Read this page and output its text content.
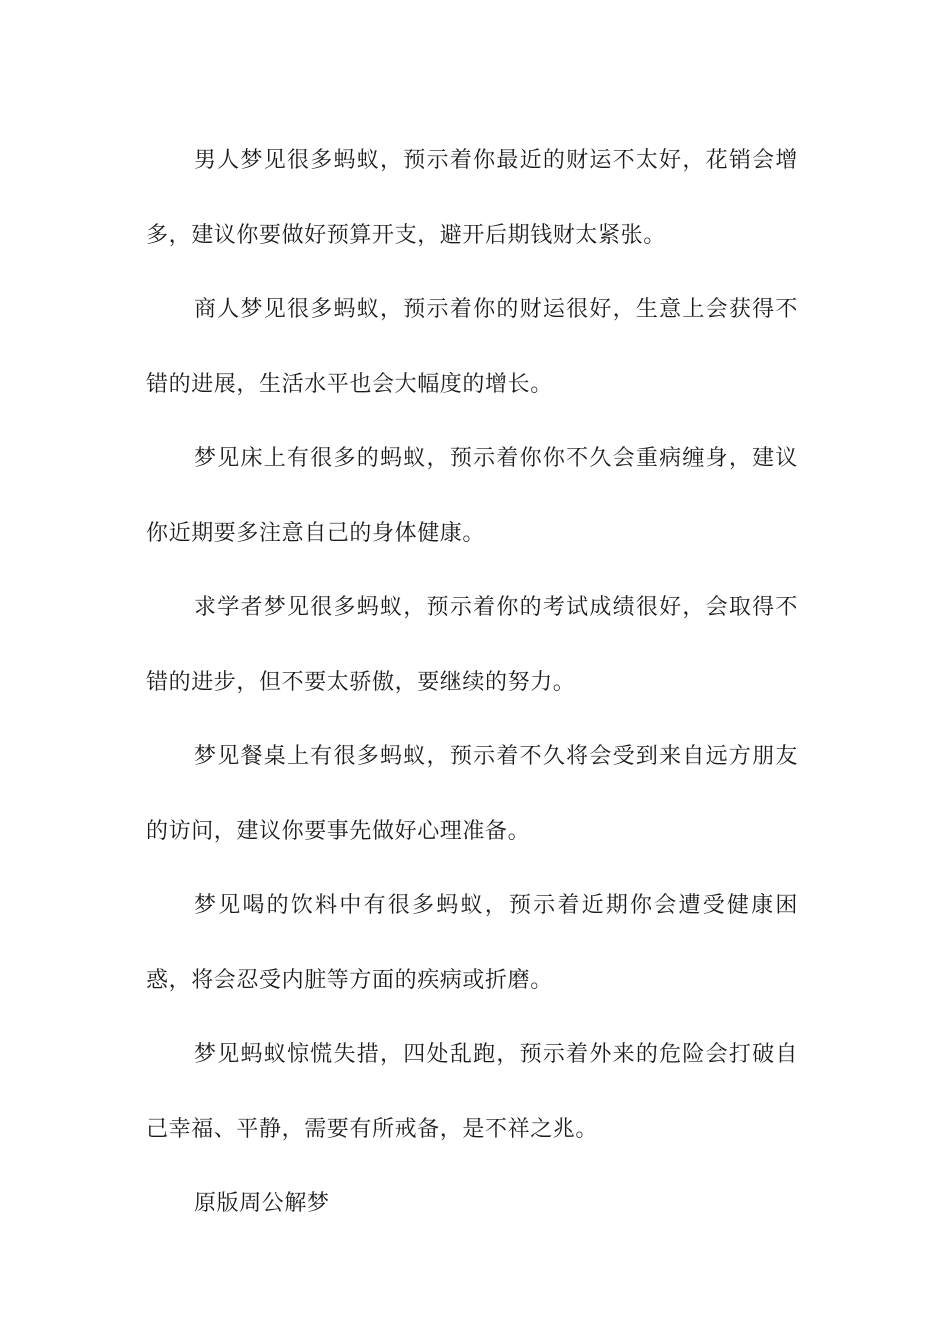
男人梦见很多蚂蚁，预示着你最近的财运不太好，花销会增多，建议你要做好预算开支，避开后期钱财太紧张。

商人梦见很多蚂蚁，预示着你的财运很好，生意上会获得不错的进展，生活水平也会大幅度的增长。

梦见床上有很多的蚂蚁，预示着你你不久会重病缠身，建议你近期要多注意自己的身体健康。

求学者梦见很多蚂蚁，预示着你的考试成绩很好，会取得不错的进步，但不要太骄傲，要继续的努力。

梦见餐桌上有很多蚂蚁，预示着不久将会受到来自远方朋友的访问，建议你要事先做好心理准备。

梦见喝的饮料中有很多蚂蚁，预示着近期你会遭受健康困惑，将会忍受内脏等方面的疾病或折磨。

梦见蚂蚁惊慌失措，四处乱跑，预示着外来的危险会打破自己幸福、平静，需要有所戒备，是不祥之兆。

原版周公解梦
